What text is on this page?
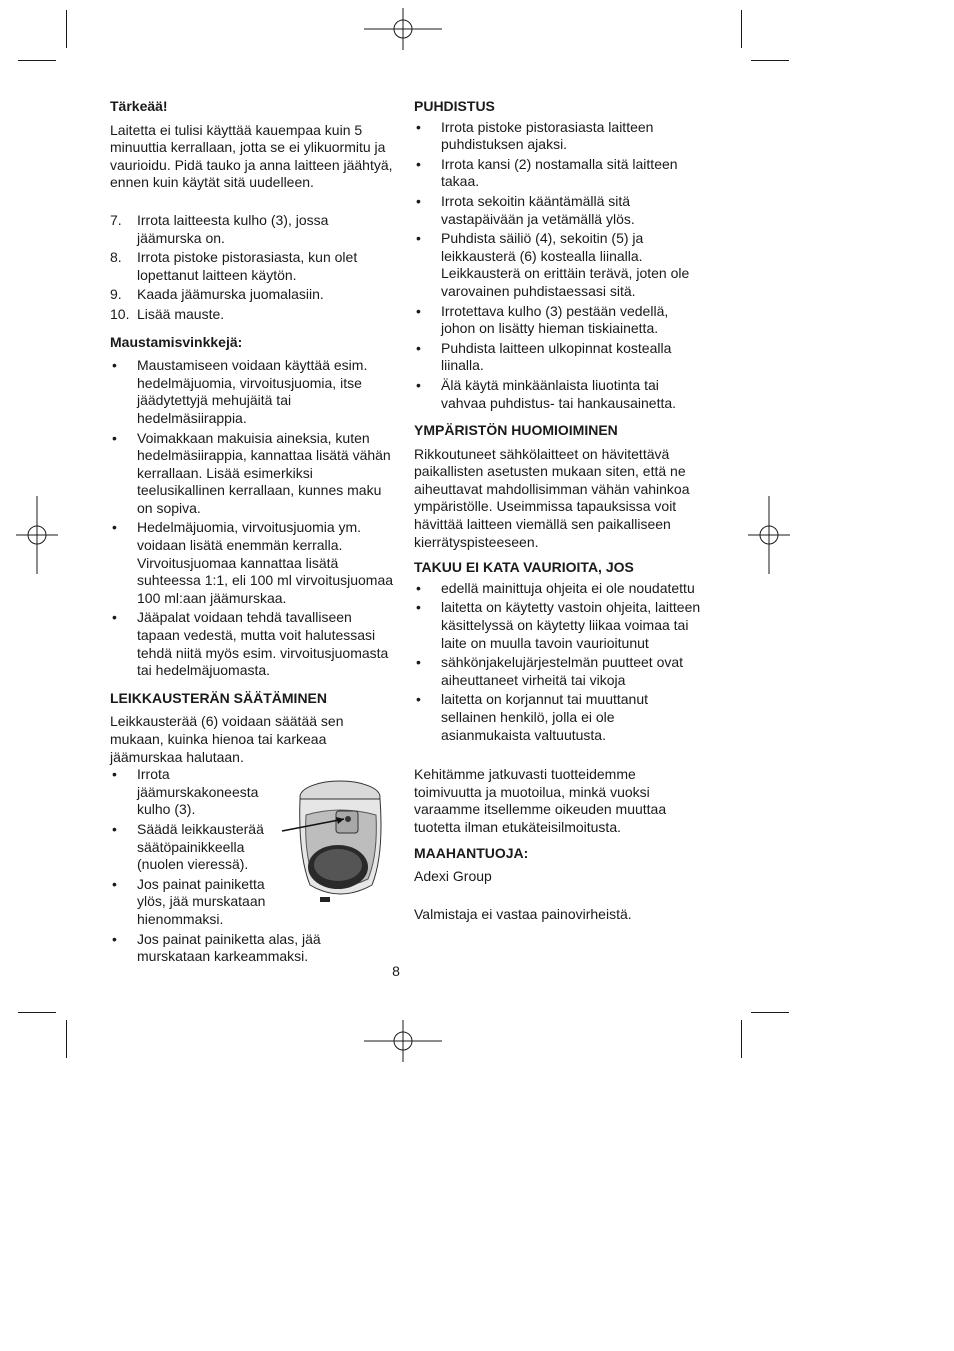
Tärkeää!

Laitetta ei tulisi käyttää kauempaa kuin 5 minuuttia kerrallaan, jotta se ei ylikuormitu ja vaurioidu. Pidä tauko ja anna laitteen jäähtyä, ennen kuin käytät sitä uudelleen.

7. Irrota laitteesta kulho (3), jossa jäämurska on.
8. Irrota pistoke pistorasiasta, kun olet lopettanut laitteen käytön.
9. Kaada jäämurska juomalasiin.
10. Lisää mauste.
Maustamisvinkkejä:
• Maustamiseen voidaan käyttää esim. hedelmäjuomia, virvoitusjuomia, itse jäädytettyjä mehujäitä tai hedelmäsiirappia.
• Voimakkaan makuisia aineksia, kuten hedelmäsiirappia, kannattaa lisätä vähän kerrallaan. Lisää esimerkiksi teelusikallinen kerrallaan, kunnes maku on sopiva.
• Hedelmäjuomia, virvoitusjuomia ym. voidaan lisätä enemmän kerralla. Virvoitusjuomaa kannattaa lisätä suhteessa 1:1, eli 100 ml virvoitusjuomaa 100 ml:aan jäämurskaa.
• Jääpalat voidaan tehdä tavalliseen tapaan vedestä, mutta voit halutessasi tehdä niitä myös esim. virvoitusjuomasta tai hedelmäjuomasta.
LEIKKAUSTERÄN SÄÄTÄMINEN

Leikkausterää (6) voidaan säätää sen mukaan, kuinka hienoa tai karkeaa jäämurskaa halutaan.

• Irrota jäämurskakoneesta kulho (3).
• Säädä leikkausterää säätöpainikkeella (nuolen vieressä).
• Jos painat painiketta ylös, jää murskataan hienommaksi.
• Jos painat painiketta alas, jää murskataan karkeammaksi.
PUHDISTUS
• Irrota pistoke pistorasiasta laitteen puhdistuksen ajaksi.
• Irrota kansi (2) nostamalla sitä laitteen takaa.
• Irrota sekoitin kääntämällä sitä vastapäivään ja vetämällä ylös.
• Puhdista säiliö (4), sekoitin (5) ja leikkausterä (6) kostealla liinalla. Leikkausterä on erittäin terävä, joten ole varovainen puhdistaessasi sitä.
• Irrotettava kulho (3) pestään vedellä, johon on lisätty hieman tiskiainetta.
• Puhdista laitteen ulkopinnat kostealla liinalla.
• Älä käytä minkäänlaista liuotinta tai vahvaa puhdistus- tai hankausainetta.
YMPÄRISTÖN HUOMIOIMINEN

Rikkoutuneet sähkölaitteet on hävitettävä paikallisten asetusten mukaan siten, että ne aiheuttavat mahdollisimman vähän vahinkoa ympäristölle. Useimmissa tapauksissa voit hävittää laitteen viemällä sen paikalliseen kierrätyspisteeseen.

TAKUU EI KATA VAURIOITA, JOS
• edellä mainittuja ohjeita ei ole noudatettu
• laitetta on käytetty vastoin ohjeita, laitteen käsittelyssä on käytetty liikaa voimaa tai laite on muulla tavoin vaurioitunut
• sähkönjakelujärjestelmän puutteet ovat aiheuttaneet virheitä tai vikoja
• laitetta on korjannut tai muuttanut sellainen henkilö, jolla ei ole asianmukaista valtuutusta.

Kehitämme jatkuvasti tuotteidemme toimivuutta ja muotoilua, minkä vuoksi varaamme itsellemme oikeuden muuttaa tuotetta ilman etukäteisilmoitusta.

MAAHANTUOJA:

Adexi Group

Valmistaja ei vastaa painovirheistä.

8
